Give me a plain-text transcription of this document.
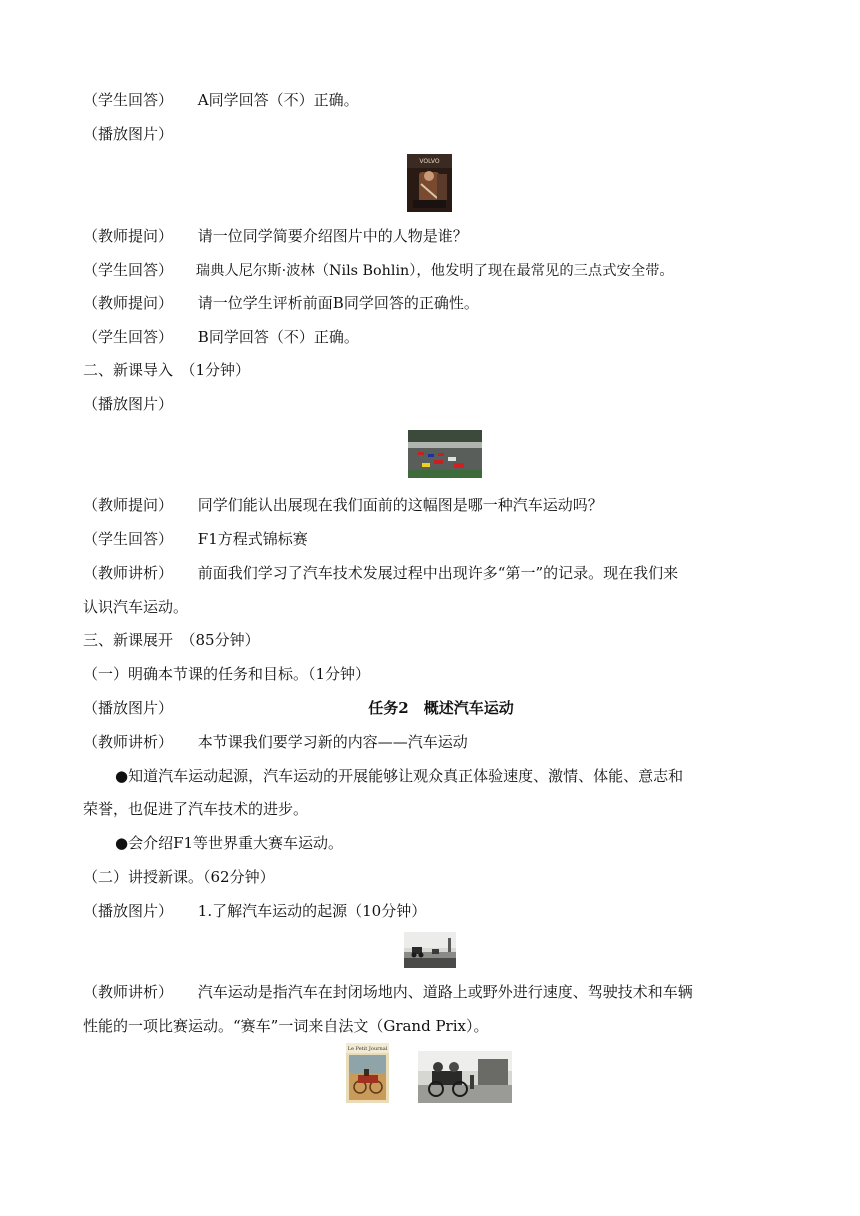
（学生回答） A同学回答（不）正确。
（播放图片）
VOLVO
（教师提问） 请一位同学简要介绍图片中的人物是谁？
（学生回答） 瑞典人尼尔斯·波林（Nils Bohlin），他发明了现在最常见的三点式安全带。
（教师提问） 请一位学生评析前面B同学回答的正确性。
（学生回答） B同学回答（不）正确。
二、新课导入　（1分钟）
（播放图片）
（教师提问） 同学们能认出展现在我们面前的这幅图是哪一种汽车运动吗？
（学生回答） F1方程式锦标赛
（教师讲析） 前面我们学习了汽车技术发展过程中出现许多“第一”的记录。现在我们来
认识汽车运动。
三、新课展开　（85分钟）
（一）明确本节课的任务和目标。（1分钟）
（播放图片）	任务2　概述汽车运动
（教师讲析） 本节课我们要学习新的内容——汽车运动
●知道汽车运动起源，汽车运动的开展能够让观众真正体验速度、激情、体能、意志和
荣誉，也促进了汽车技术的进步。
●会介绍F1等世界重大赛车运动。
（二）讲授新课。（62分钟）
（播放图片） 1.了解汽车运动的起源（10分钟）
（教师讲析） 汽车运动是指汽车在封闭场地内、道路上或野外进行速度、驾驶技术和车辆
性能的一项比赛运动。“赛车”一词来自法文（Grand Prix）。
Le Petit Journal
